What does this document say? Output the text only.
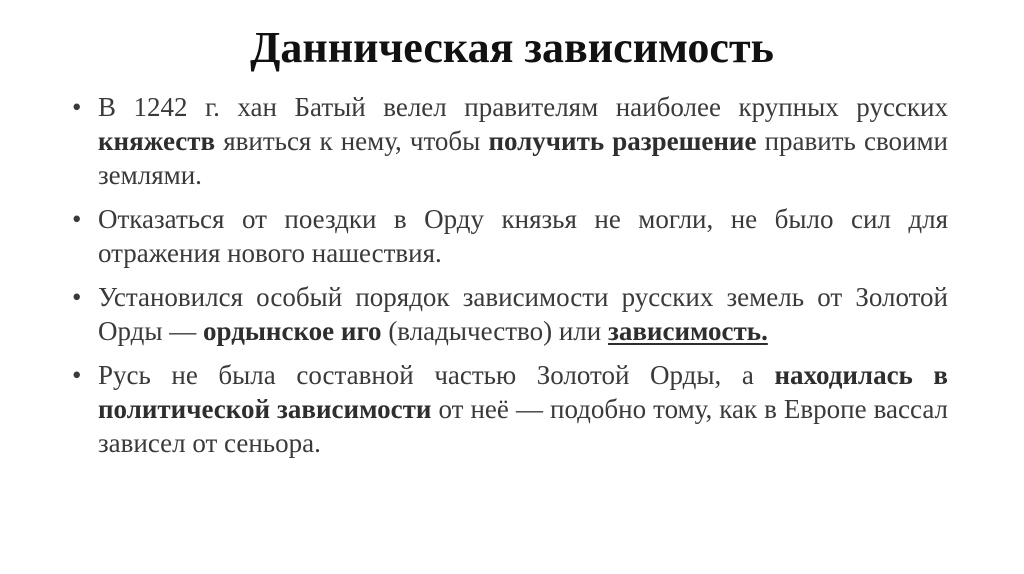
Данническая зависимость
• В 1242 г. хан Батый велел правителям наиболее крупных русских княжеств явиться к нему, чтобы получить разрешение править своими землями.
• Отказаться от поездки в Орду князья не могли, не было сил для отражения нового нашествия.
• Установился особый порядок зависимости русских земель от Золотой Орды — ордынское иго (владычество) или зависимость.
• Русь не была составной частью Золотой Орды, а находилась в политической зависимости от неё — подобно тому, как в Европе вассал зависел от сеньора.
